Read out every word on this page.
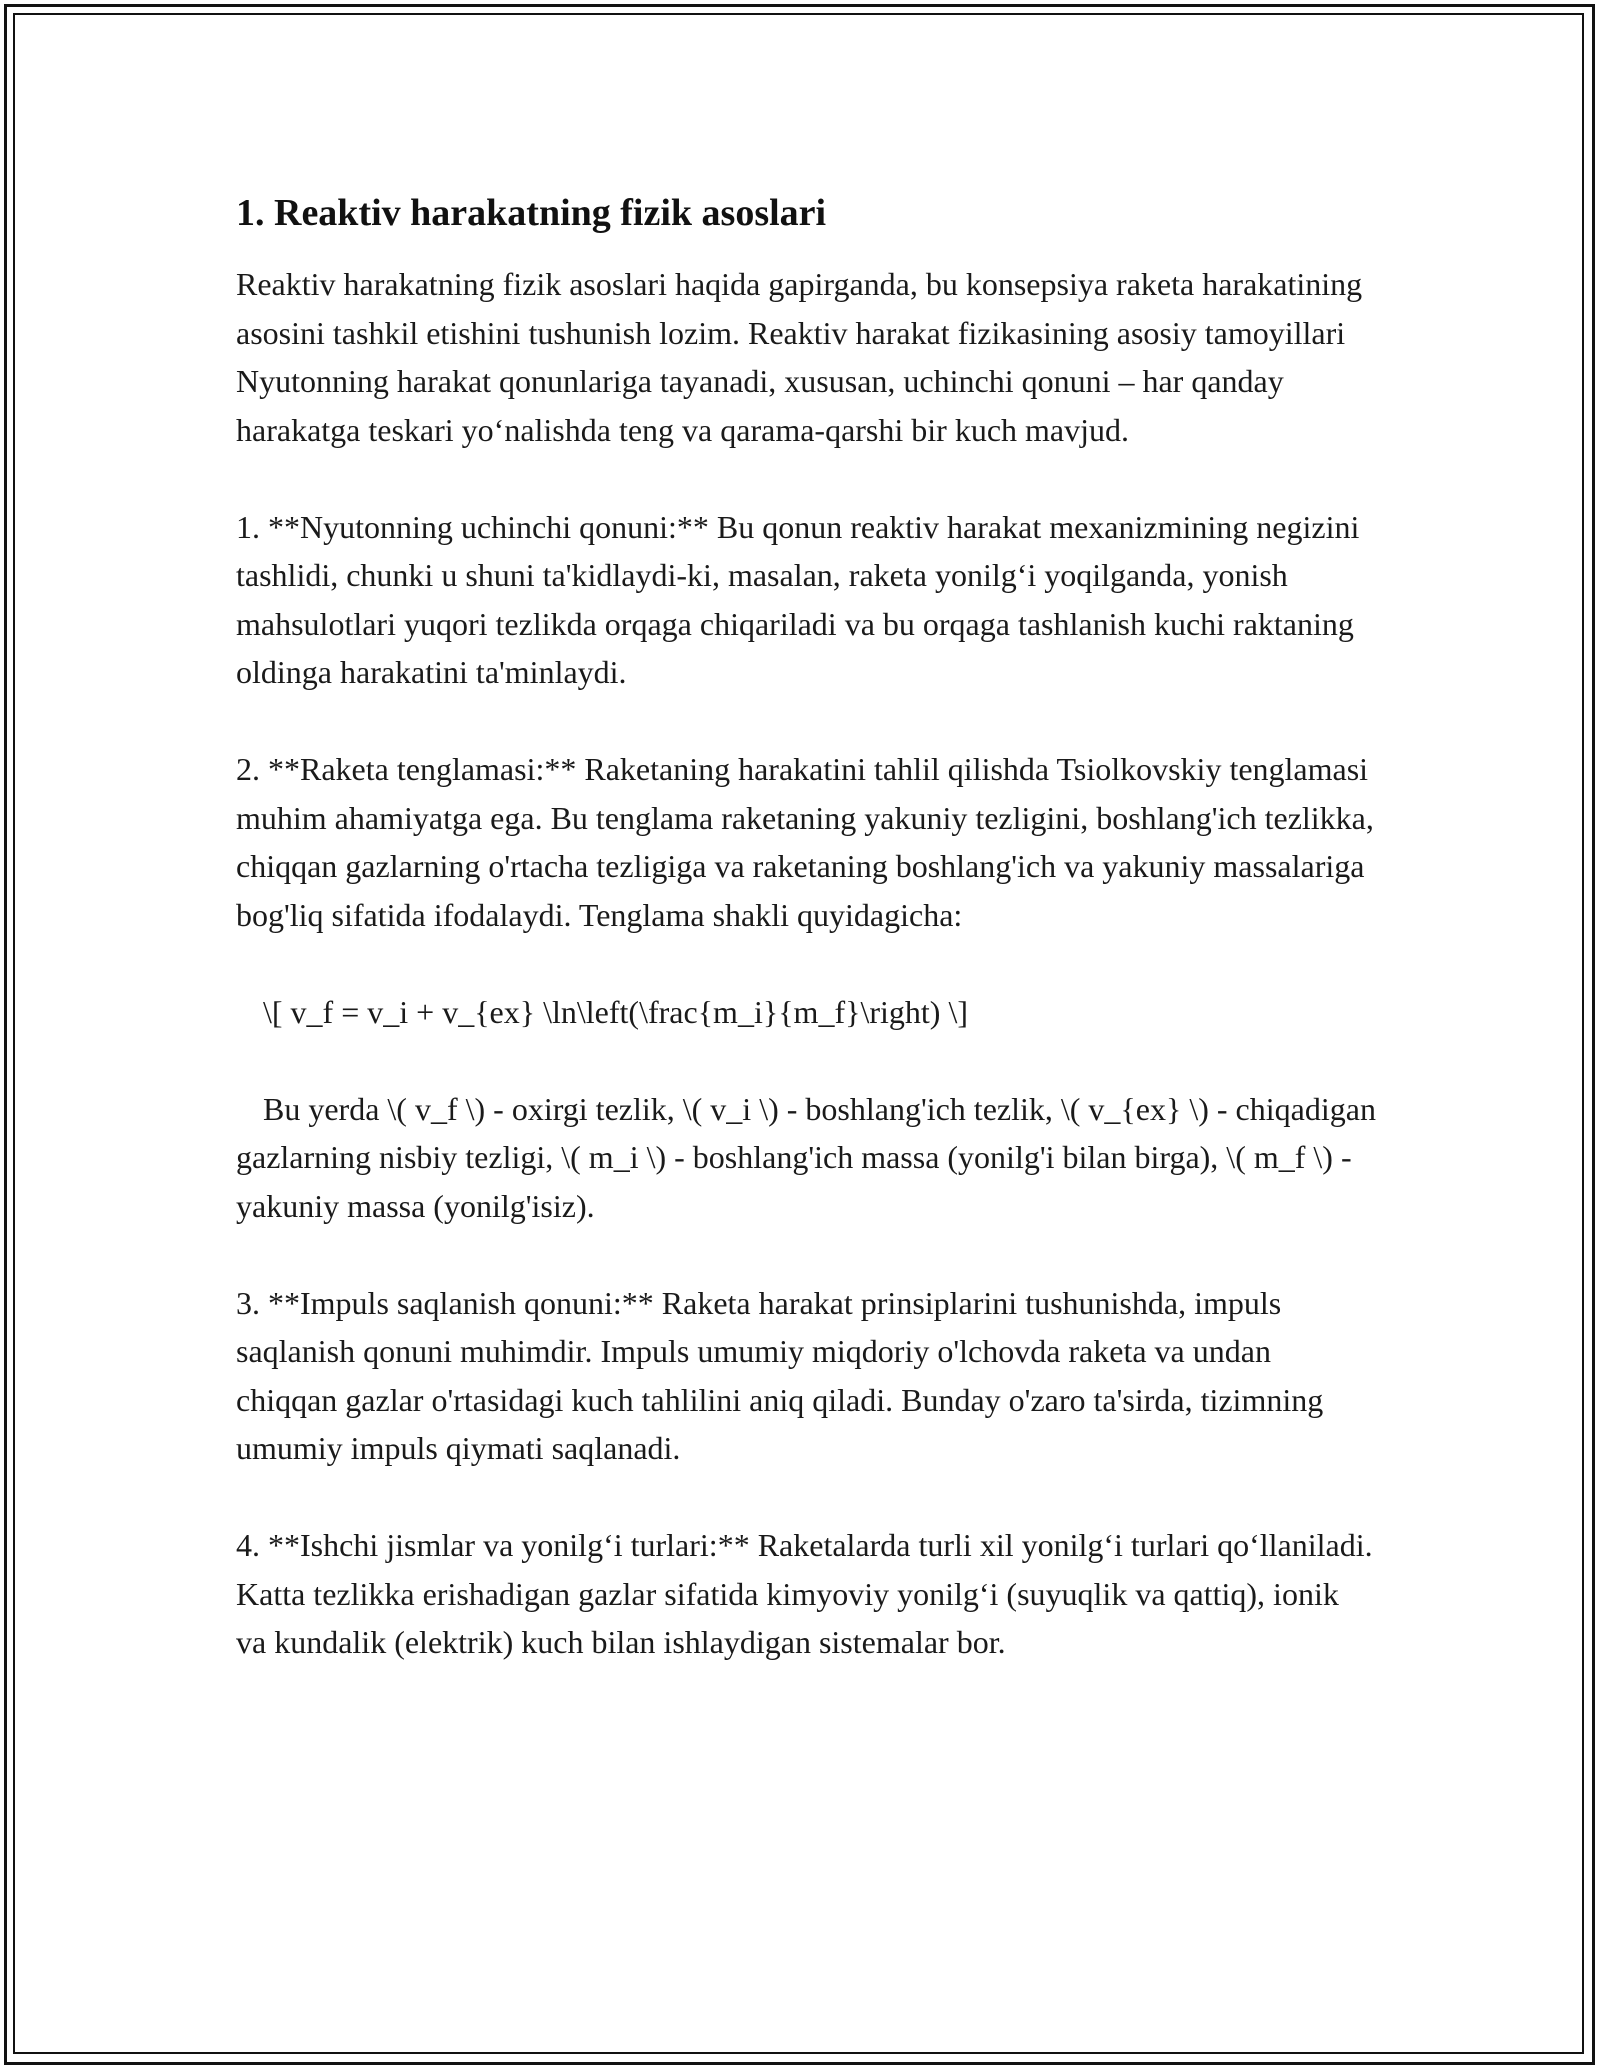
1. Reaktiv harakatning fizik asoslari

Reaktiv harakatning fizik asoslari haqida gapirganda, bu konsepsiya raketa harakatining asosini tashkil etishini tushunish lozim. Reaktiv harakat fizikasining asosiy tamoyillari Nyutonning harakat qonunlariga tayanadi, xususan, uchinchi qonuni – har qanday harakatga teskari yo‘nalishda teng va qarama-qarshi bir kuch mavjud.

1. **Nyutonning uchinchi qonuni:** Bu qonun reaktiv harakat mexanizmining negizini tashlidi, chunki u shuni ta'kidlaydi-ki, masalan, raketa yonilg‘i yoqilganda, yonish mahsulotlari yuqori tezlikda orqaga chiqariladi va bu orqaga tashlanish kuchi raktaning oldinga harakatini ta'minlaydi.

2. **Raketa tenglamasi:** Raketaning harakatini tahlil qilishda Tsiolkovskiy tenglamasi muhim ahamiyatga ega. Bu tenglama raketaning yakuniy tezligini, boshlang'ich tezlikka, chiqqan gazlarning o'rtacha tezligiga va raketaning boshlang'ich va yakuniy massalariga bog'liq sifatida ifodalaydi. Tenglama shakli quyidagicha:

\[ v_f = v_i + v_{ex} \ln\left(\frac{m_i}{m_f}\right) \]

Bu yerda \( v_f \) - oxirgi tezlik, \( v_i \) - boshlang'ich tezlik, \( v_{ex} \) - chiqadigan gazlarning nisbiy tezligi, \( m_i \) - boshlang'ich massa (yonilg'i bilan birga), \( m_f \) - yakuniy massa (yonilg'isiz).

3. **Impuls saqlanish qonuni:** Raketa harakat prinsiplarini tushunishda, impuls saqlanish qonuni muhimdir. Impuls umumiy miqdoriy o'lchovda raketa va undan chiqqan gazlar o'rtasidagi kuch tahlilini aniq qiladi. Bunday o'zaro ta'sirda, tizimning umumiy impuls qiymati saqlanadi.

4. **Ishchi jismlar va yonilg‘i turlari:** Raketalarda turli xil yonilg‘i turlari qo‘llaniladi. Katta tezlikka erishadigan gazlar sifatida kimyoviy yonilg‘i (suyuqlik va qattiq), ionik va kundalik (elektrik) kuch bilan ishlaydigan sistemalar bor.
